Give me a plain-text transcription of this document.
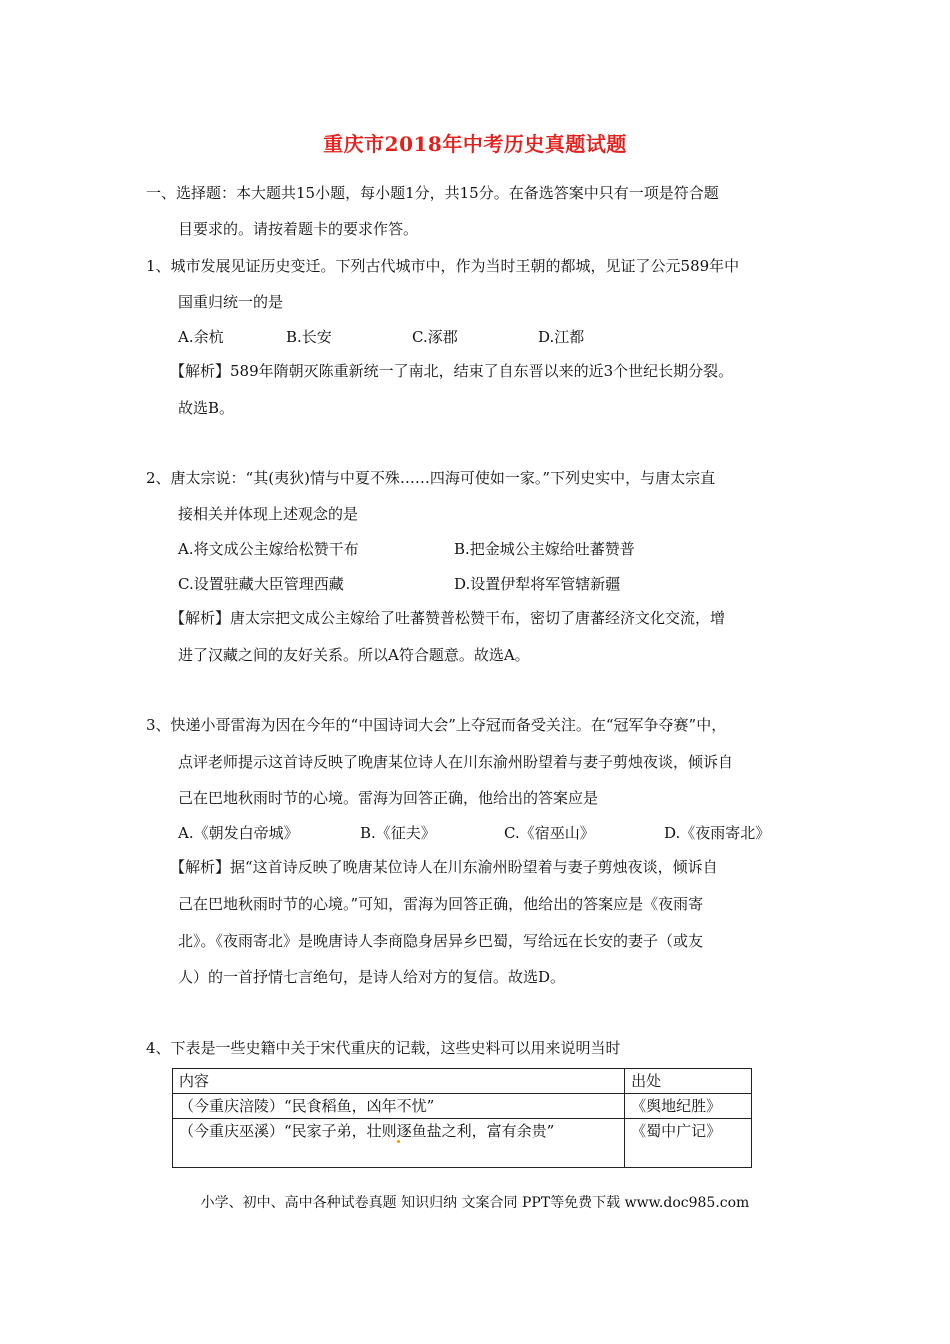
重庆市2018年中考历史真题试题
一、选择题：本大题共15小题，每小题1分，共15分。在备选答案中只有一项是符合题
目要求的。请按着题卡的要求作答。
1、城市发展见证历史变迁。下列古代城市中，作为当时王朝的都城，见证了公元589年中
国重归统一的是
A.余杭	B.长安	C.涿郡	D.江都
【解析】589年隋朝灭陈重新统一了南北，结束了自东晋以来的近3个世纪长期分裂。
故选B。
2、唐太宗说：“其(夷狄)情与中夏不殊……四海可使如一家。”下列史实中，与唐太宗直
接相关并体现上述观念的是
A.将文成公主嫁给松赞干布	B.把金城公主嫁给吐蕃赞普
C.设置驻藏大臣管理西藏	D.设置伊犁将军管辖新疆
【解析】唐太宗把文成公主嫁给了吐蕃赞普松赞干布，密切了唐蕃经济文化交流，增
进了汉藏之间的友好关系。所以A符合题意。故选A。
3、快递小哥雷海为因在今年的“中国诗词大会”上夺冠而备受关注。在“冠军争夺赛”中，
点评老师提示这首诗反映了晚唐某位诗人在川东渝州盼望着与妻子剪烛夜谈，倾诉自
己在巴地秋雨时节的心境。雷海为回答正确，他给出的答案应是
A.《朝发白帝城》	B.《征夫》	C.《宿巫山》	D.《夜雨寄北》
【解析】据“这首诗反映了晚唐某位诗人在川东渝州盼望着与妻子剪烛夜谈，倾诉自
己在巴地秋雨时节的心境。”可知，雷海为回答正确，他给出的答案应是《夜雨寄
北》。《夜雨寄北》是晚唐诗人李商隐身居异乡巴蜀，写给远在长安的妻子（或友
人）的一首抒情七言绝句，是诗人给对方的复信。故选D。
4、下表是一些史籍中关于宋代重庆的记载，这些史料可以用来说明当时
内容	出处
（今重庆涪陵）“民食稻鱼，凶年不忧”	《舆地纪胜》
（今重庆巫溪）“民家子弟，壮则逐鱼盐之利，富有余贵”	《蜀中广记》
小学、初中、高中各种试卷真题 知识归纳 文案合同 PPT等免费下载 www.doc985.com
